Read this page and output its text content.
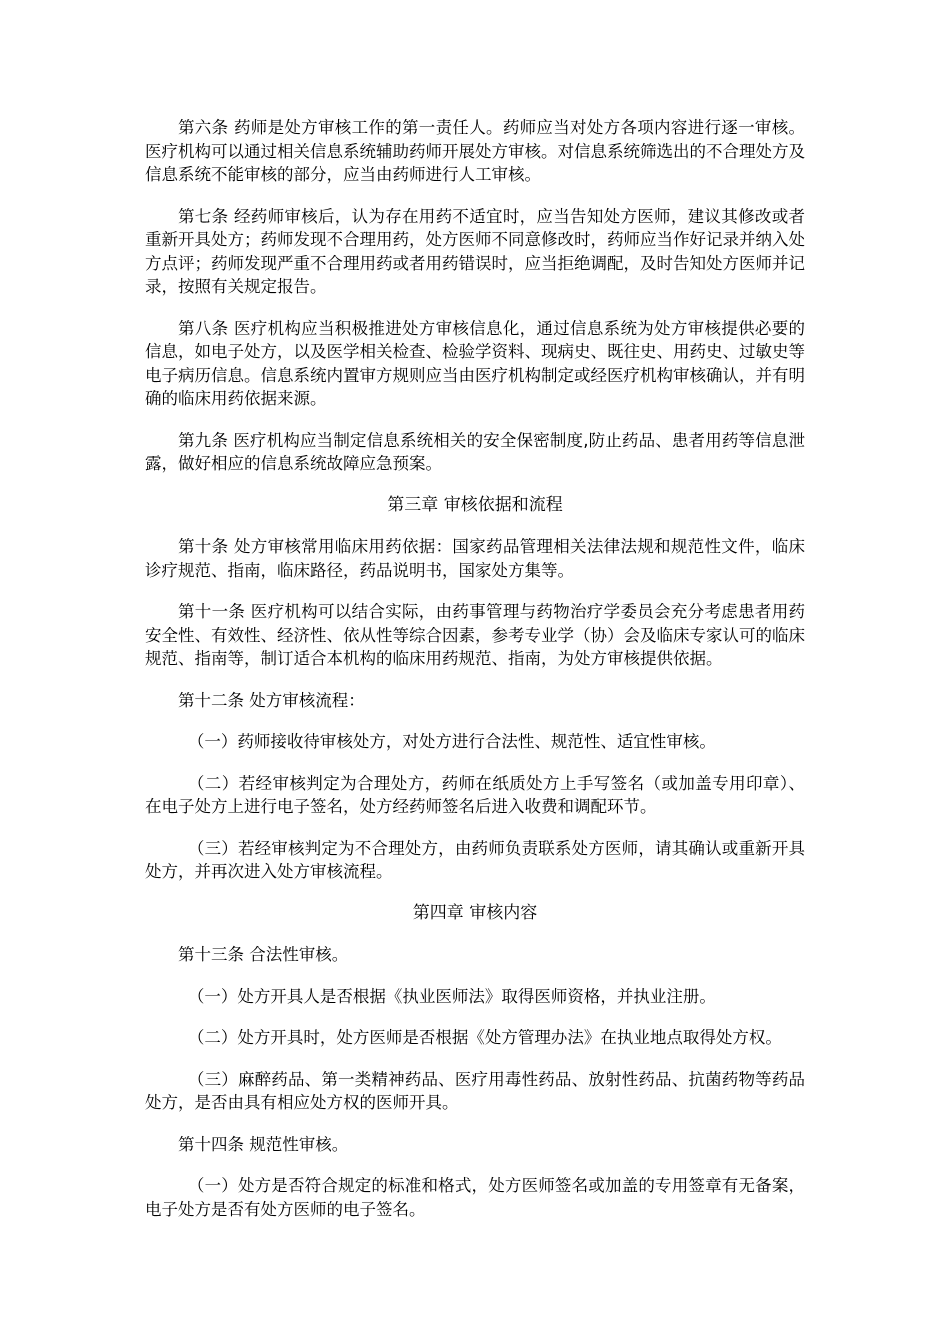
第六条 药师是处方审核工作的第一责任人。药师应当对处方各项内容进行逐一审核。医疗机构可以通过相关信息系统辅助药师开展处方审核。对信息系统筛选出的不合理处方及信息系统不能审核的部分，应当由药师进行人工审核。

第七条 经药师审核后，认为存在用药不适宜时，应当告知处方医师，建议其修改或者重新开具处方；药师发现不合理用药，处方医师不同意修改时，药师应当作好记录并纳入处方点评；药师发现严重不合理用药或者用药错误时，应当拒绝调配，及时告知处方医师并记录，按照有关规定报告。

第八条 医疗机构应当积极推进处方审核信息化，通过信息系统为处方审核提供必要的信息，如电子处方，以及医学相关检查、检验学资料、现病史、既往史、用药史、过敏史等电子病历信息。信息系统内置审方规则应当由医疗机构制定或经医疗机构审核确认，并有明确的临床用药依据来源。

第九条 医疗机构应当制定信息系统相关的安全保密制度,防止药品、患者用药等信息泄露，做好相应的信息系统故障应急预案。

第三章 审核依据和流程

第十条 处方审核常用临床用药依据：国家药品管理相关法律法规和规范性文件，临床诊疗规范、指南，临床路径，药品说明书，国家处方集等。

第十一条 医疗机构可以结合实际，由药事管理与药物治疗学委员会充分考虑患者用药安全性、有效性、经济性、依从性等综合因素，参考专业学（协）会及临床专家认可的临床规范、指南等，制订适合本机构的临床用药规范、指南，为处方审核提供依据。

第十二条 处方审核流程：

（一）药师接收待审核处方，对处方进行合法性、规范性、适宜性审核。

（二）若经审核判定为合理处方，药师在纸质处方上手写签名（或加盖专用印章）、在电子处方上进行电子签名，处方经药师签名后进入收费和调配环节。

（三）若经审核判定为不合理处方，由药师负责联系处方医师，请其确认或重新开具处方，并再次进入处方审核流程。

第四章 审核内容

第十三条 合法性审核。

（一）处方开具人是否根据《执业医师法》取得医师资格，并执业注册。

（二）处方开具时，处方医师是否根据《处方管理办法》在执业地点取得处方权。

（三）麻醉药品、第一类精神药品、医疗用毒性药品、放射性药品、抗菌药物等药品处方，是否由具有相应处方权的医师开具。

第十四条 规范性审核。

（一）处方是否符合规定的标准和格式，处方医师签名或加盖的专用签章有无备案，电子处方是否有处方医师的电子签名。
